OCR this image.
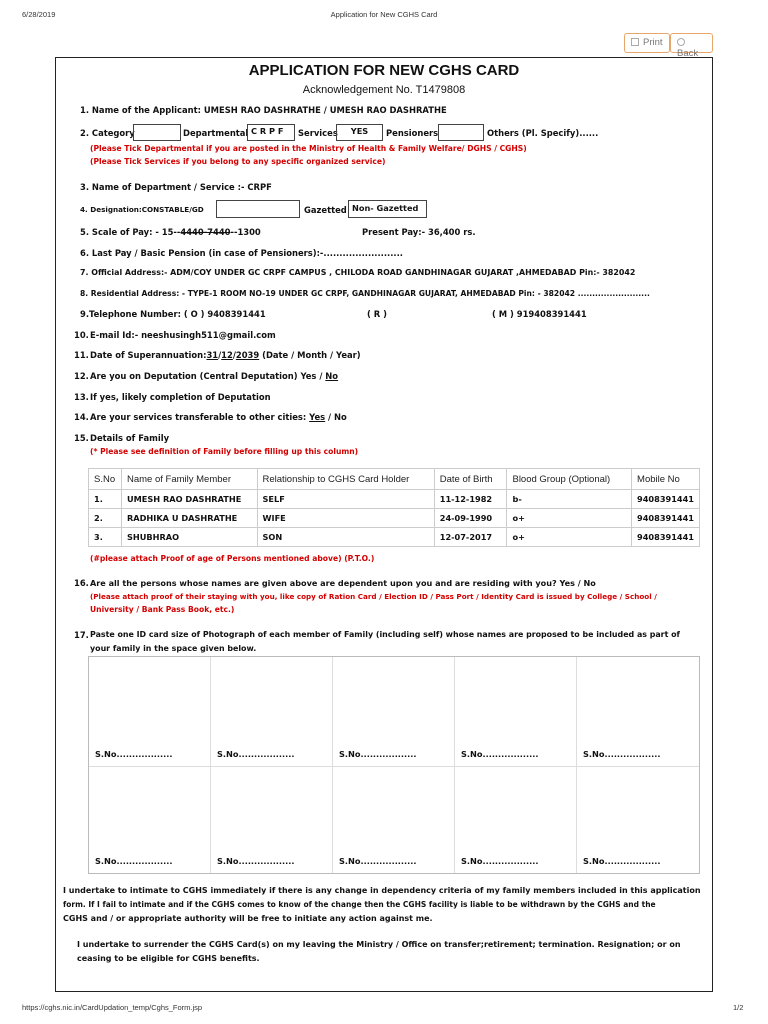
6/28/2019	Application for New CGHS Card
Print
Back
APPLICATION FOR NEW CGHS CARD
Acknowledgement No. T1479808
1. Name of the Applicant: UMESH RAO DASHRATHE / UMESH RAO DASHRATHE
2. Category	Departmental C R P F	Services	YES	Pensioners	Others (Pl. Specify)......
(Please Tick Departmental if you are posted in the Ministry of Health & Family Welfare/ DGHS / CGHS)
(Please Tick Services if you belong to any specific organized service)
3. Name of Department / Service :- CRPF
4. Designation:CONSTABLE/GD	Gazetted Non- Gazetted
5. Scale of Pay: - 15--4440-7440--1300	Present Pay:- 36,400 rs.
6. Last Pay / Basic Pension (in case of Pensioners):-.........................
7. Official Address:- ADM/COY UNDER GC CRPF CAMPUS , CHILODA ROAD GANDHINAGAR GUJARAT ,AHMEDABAD Pin:- 382042
8. Residential Address: - TYPE-1 ROOM NO-19 UNDER GC CRPF, GANDHINAGAR GUJARAT, AHMEDABAD Pin: - 382042 .........................
9.Telephone Number: ( O ) 9408391441	( R )	( M ) 919408391441
10. E-mail Id:- neeshusingh511@gmail.com
11. Date of Superannuation:31/12/2039 (Date / Month / Year)
12. Are you on Deputation (Central Deputation) Yes / No
13. If yes, likely completion of Deputation
14. Are your services transferable to other cities: Yes / No
15. Details of Family
(* Please see definition of Family before filling up this column)
S.No	Name of Family Member	Relationship to CGHS Card Holder	Date of Birth	Blood Group (Optional)	Mobile No
1.	UMESH RAO DASHRATHE	SELF	11-12-1982	b-	9408391441
2.	RADHIKA U DASHRATHE	WIFE	24-09-1990	o+	9408391441
3.	SHUBHRAO	SON	12-07-2017	o+	9408391441
(#please attach Proof of age of Persons mentioned above) (P.T.O.)
16. Are all the persons whose names are given above are dependent upon you and are residing with you? Yes / No
(Please attach proof of their staying with you, like copy of Ration Card / Election ID / Pass Port / Identity Card is issued by College / School /
University / Bank Pass Book, etc.)
17. Paste one ID card size of Photograph of each member of Family (including self) whose names are proposed to be included as part of
your family in the space given below.
S.No..................	S.No..................	S.No..................	S.No..................	S.No..................
S.No..................	S.No..................	S.No..................	S.No..................	S.No..................
I undertake to intimate to CGHS immediately if there is any change in dependency criteria of my family members included in this application
form. If I fail to intimate and if the CGHS comes to know of the change then the CGHS facility is liable to be withdrawn by the CGHS and the
CGHS and / or appropriate authority will be free to initiate any action against me.
I undertake to surrender the CGHS Card(s) on my leaving the Ministry / Office on transfer;retirement; termination. Resignation; or on
ceasing to be eligible for CGHS benefits.
https://cghs.nic.in/CardUpdation_temp/Cghs_Form.jsp	1/2
